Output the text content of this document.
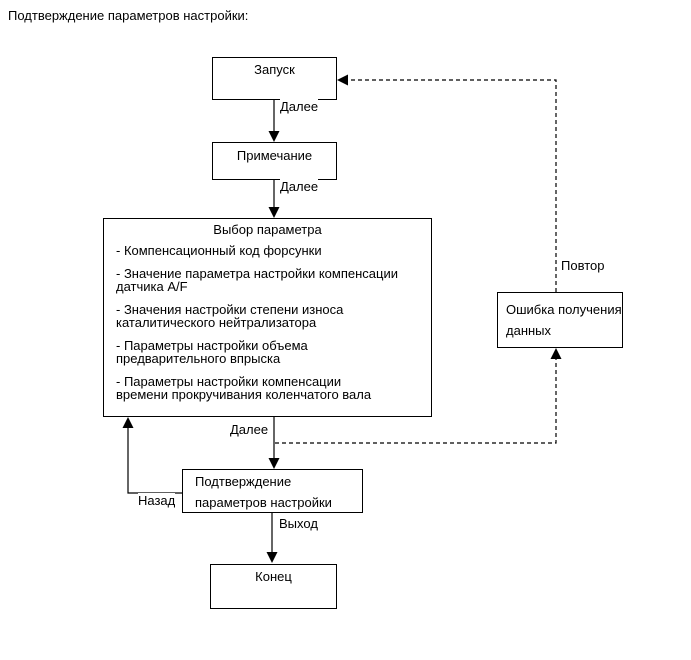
Подтверждение параметров настройки:
Запуск
Примечание
Выбор параметра
- Компенсационный код форсунки
- Значение параметра настройки компенсации
датчика A/F
- Значения настройки степени износа
каталитического нейтрализатора
- Параметры настройки объема
предварительного впрыска
- Параметры настройки компенсации
времени прокручивания коленчатого вала
Ошибка получения
данных
Подтверждение
параметров настройки
Конец
Далее
Далее
Далее
Повтор
Назад
Выход
